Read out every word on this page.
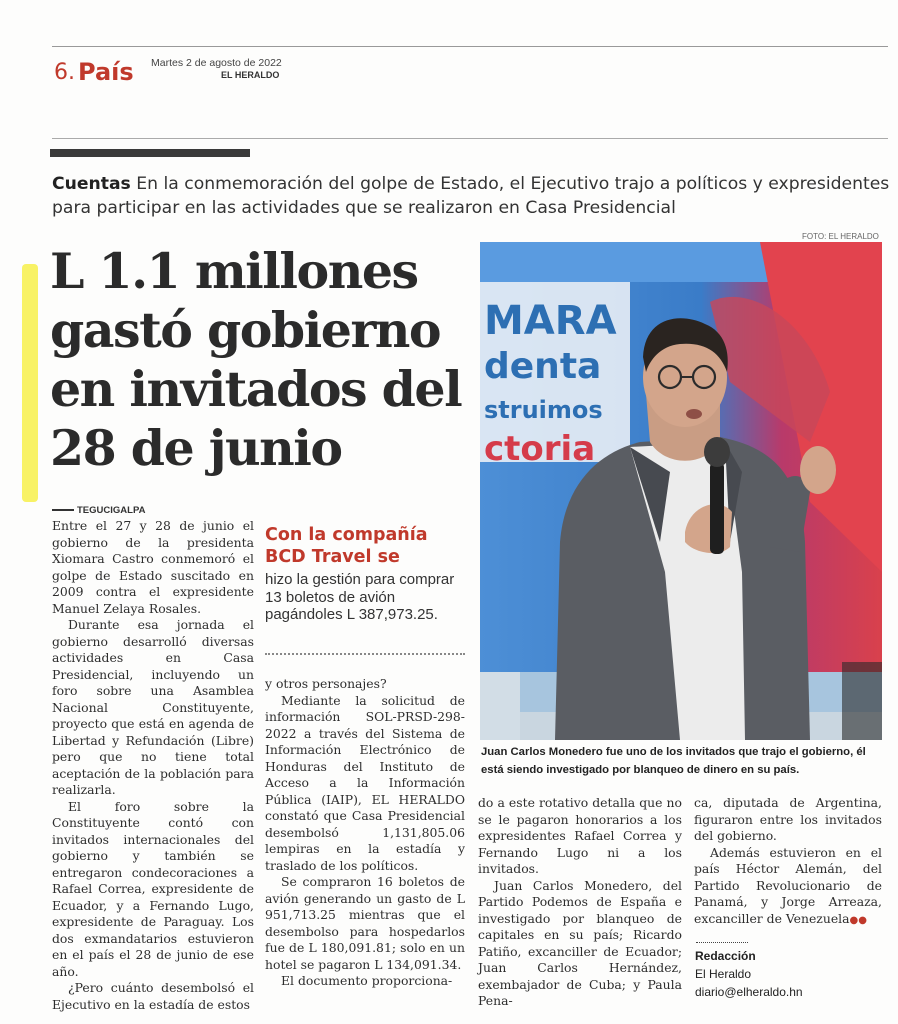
6. País Martes 2 de agosto de 2022
EL HERALDO
Cuentas En la conmemoración del golpe de Estado, el Ejecutivo trajo a políticos y expresidentes para participar en las actividades que se realizaron en Casa Presidencial
L 1.1 millones gastó gobierno en invitados del 28 de junio
FOTO: EL HERALDO
MARA
denta
struimos
ctoria
Juan Carlos Monedero fue uno de los invitados que trajo el gobierno, él está siendo investigado por blanqueo de dinero en su país.
TEGUCIGALPA

Entre el 27 y 28 de junio el gobierno de la presidenta Xiomara Castro conmemoró el golpe de Estado suscitado en 2009 contra el expresidente Manuel Zelaya Rosales.

Durante esa jornada el gobierno desarrolló diversas actividades en Casa Presidencial, incluyendo un foro sobre una Asamblea Nacional Constituyente, proyecto que está en agenda de Libertad y Refundación (Libre) pero que no tiene total aceptación de la población para realizarla.

El foro sobre la Constituyente contó con invitados internacionales del gobierno y también se entregaron condecoraciones a Rafael Correa, expresidente de Ecuador, y a Fernando Lugo, expresidente de Paraguay. Los dos exmandatarios estuvieron en el país el 28 de junio de ese año.

¿Pero cuánto desembolsó el Ejecutivo en la estadía de estos

Con la compañía BCD Travel se
hizo la gestión para comprar 13 boletos de avión pagándoles L 387,973.25.

y otros personajes?

Mediante la solicitud de información SOL-PRSD-298-2022 a través del Sistema de Información Electrónico de Honduras del Instituto de Acceso a la Información Pública (IAIP), EL HERALDO constató que Casa Presidencial desembolsó 1,131,805.06 lempiras en la estadía y traslado de los políticos.

Se compraron 16 boletos de avión generando un gasto de L 951,713.25 mientras que el desembolso para hospedarlos fue de L 180,091.81; solo en un hotel se pagaron L 134,091.34.

El documento proporciona-

do a este rotativo detalla que no se le pagaron honorarios a los expresidentes Rafael Correa y Fernando Lugo ni a los invitados.

Juan Carlos Monedero, del Partido Podemos de España e investigado por blanqueo de capitales en su país; Ricardo Patiño, excanciller de Ecuador; Juan Carlos Hernández, exembajador de Cuba; y Paula Pena-

ca, diputada de Argentina, figuraron entre los invitados del gobierno.

Además estuvieron en el país Héctor Alemán, del Partido Revolucionario de Panamá, y Jorge Arreaza, excanciller de Venezuela●●

Redacción
El Heraldo
diario@elheraldo.hn
